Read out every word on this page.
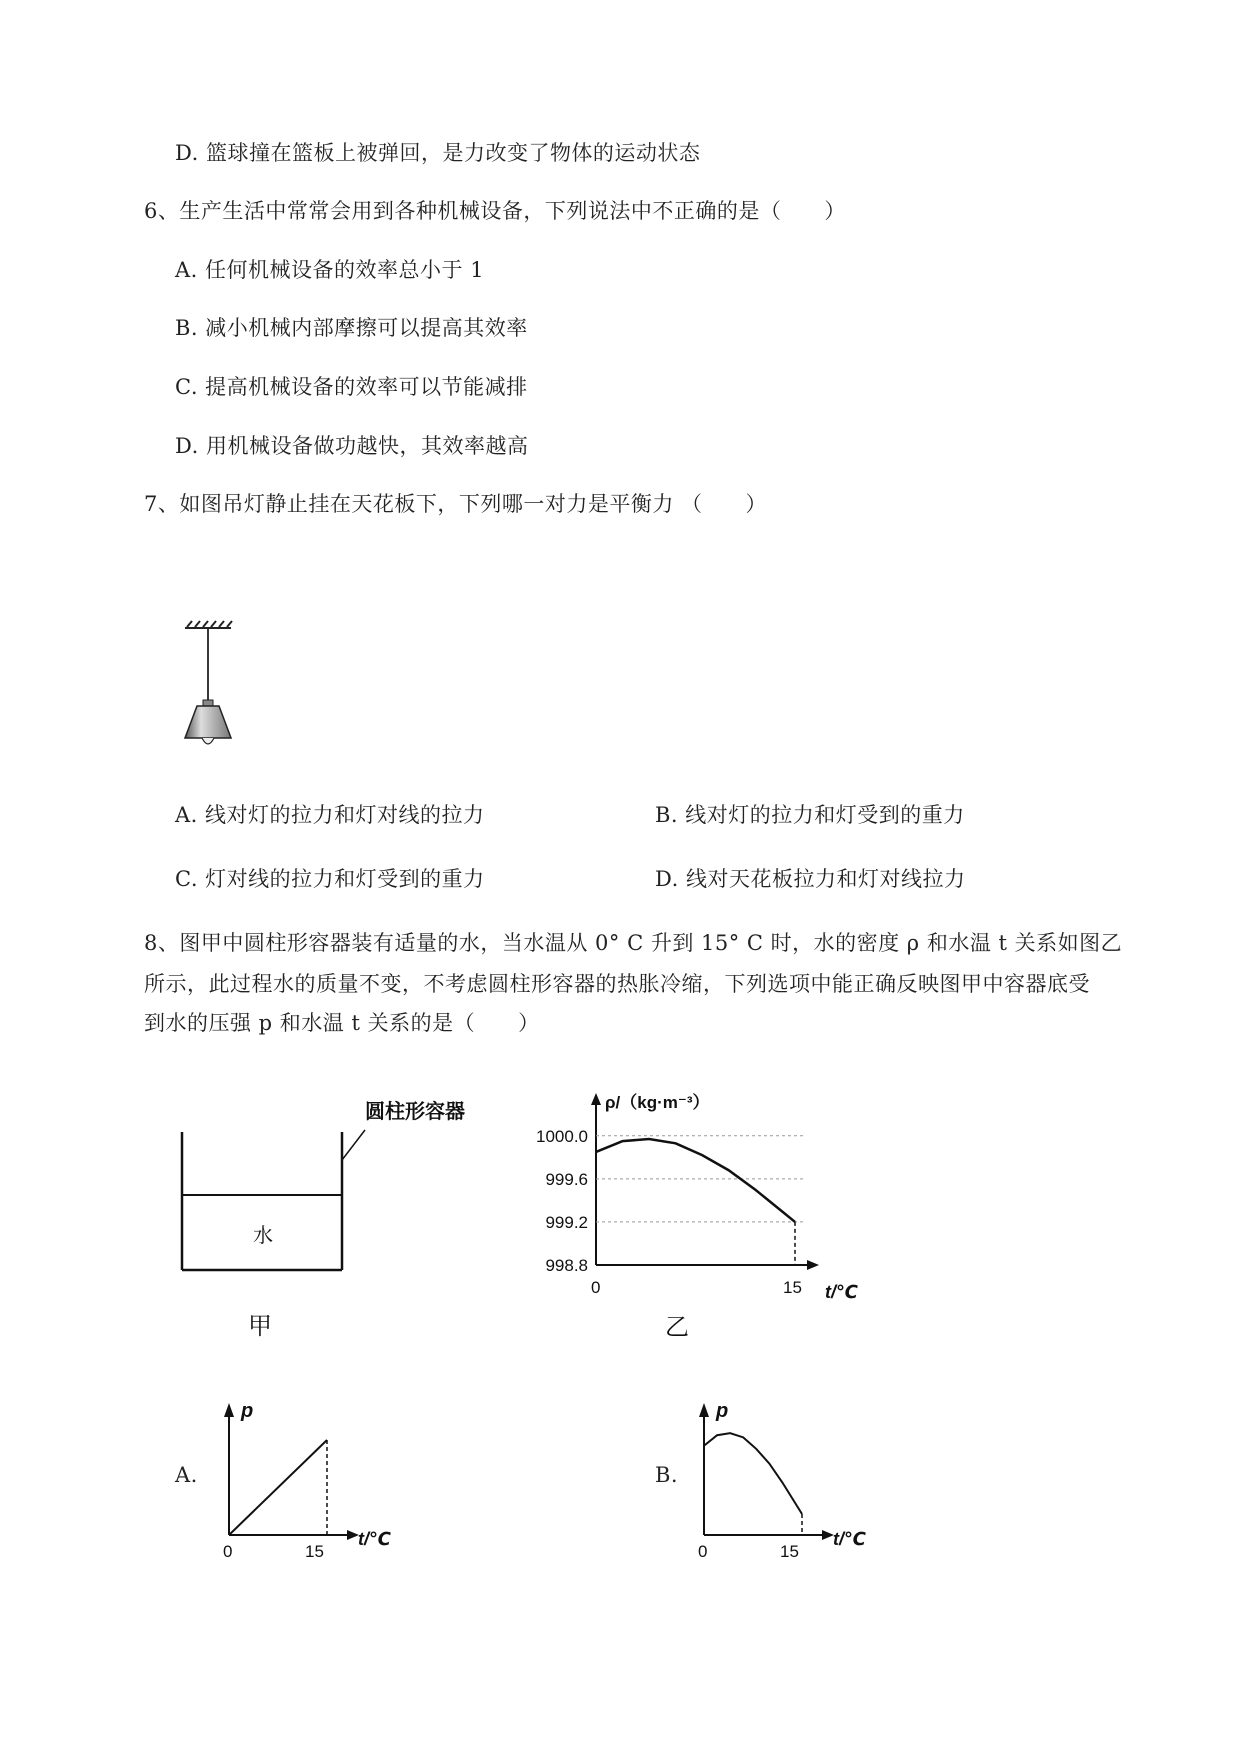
D. 篮球撞在篮板上被弹回，是力改变了物体的运动状态
6、生产生活中常常会用到各种机械设备，下列说法中不正确的是（　　）
A. 任何机械设备的效率总小于 1
B. 减小机械内部摩擦可以提高其效率
C. 提高机械设备的效率可以节能减排
D. 用机械设备做功越快，其效率越高
7、如图吊灯静止挂在天花板下，下列哪一对力是平衡力 （　　）
A. 线对灯的拉力和灯对线的拉力	B. 线对灯的拉力和灯受到的重力
C. 灯对线的拉力和灯受到的重力	D. 线对天花板拉力和灯对线拉力
8、图甲中圆柱形容器装有适量的水，当水温从 0° C 升到 15° C 时，水的密度 ρ 和水温 t 关系如图乙
所示，此过程水的质量不变，不考虑圆柱形容器的热胀冷缩，下列选项中能正确反映图甲中容器底受
到水的压强 p 和水温 t 关系的是（　　）
圆柱形容器
水
甲
ρ/（kg·m⁻³）
t/℃
998.8
999.2
999.6
1000.0
0	15
乙
A.
p
0	15
t/℃
B.
p
0	15
t/℃
